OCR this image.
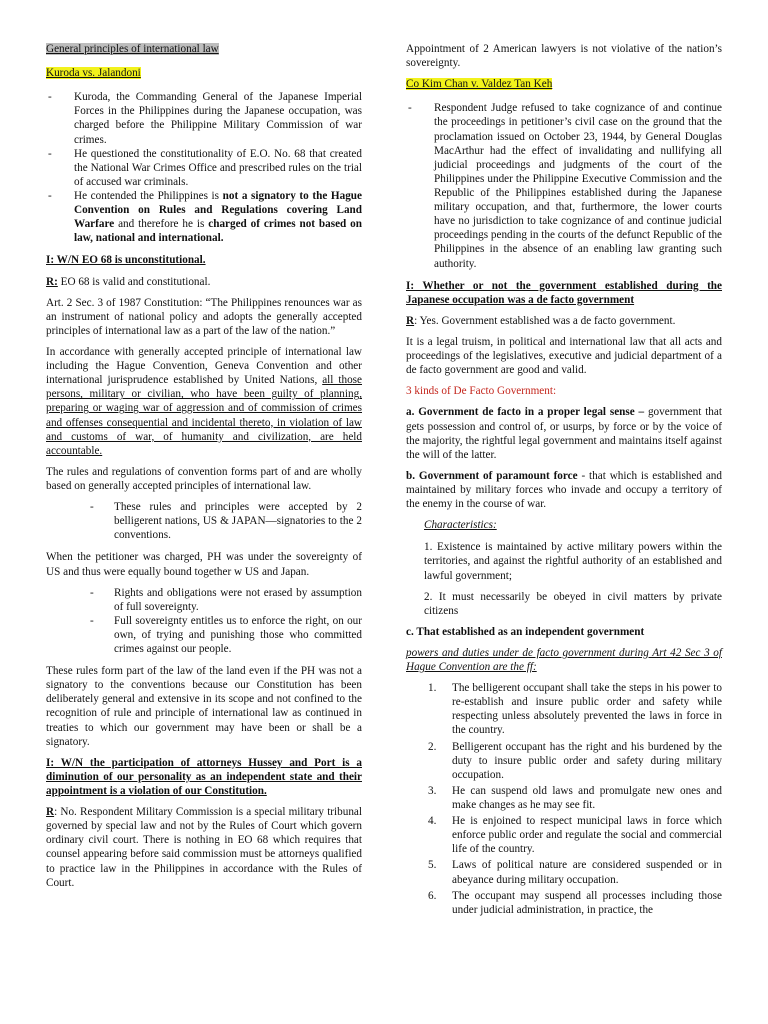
General principles of international law

Kuroda vs. Jalandoni

- Kuroda, the Commanding General of the Japanese Imperial Forces in the Philippines during the Japanese occupation, was charged before the Philippine Military Commission of war crimes.
- He questioned the constitutionality of E.O. No. 68 that created the National War Crimes Office and prescribed rules on the trial of accused war criminals.
- He contended the Philippines is not a signatory to the Hague Convention on Rules and Regulations covering Land Warfare and therefore he is charged of crimes not based on law, national and international.

I: W/N EO 68 is unconstitutional.

R: EO 68 is valid and constitutional.

Art. 2 Sec. 3 of 1987 Constitution: “The Philippines renounces war as an instrument of national policy and adopts the generally accepted principles of international law as a part of the law of the nation.”

In accordance with generally accepted principle of international law including the Hague Convention, Geneva Convention and other international jurisprudence established by United Nations, all those persons, military or civilian, who have been guilty of planning, preparing or waging war of aggression and of commission of crimes and offenses consequential and incidental thereto, in violation of law and customs of war, of humanity and civilization, are held accountable.

The rules and regulations of convention forms part of and are wholly based on generally accepted principles of international law.

- These rules and principles were accepted by 2 belligerent nations, US & JAPAN—signatories to the 2 conventions.

When the petitioner was charged, PH was under the sovereignty of US and thus were equally bound together w US and Japan.

- Rights and obligations were not erased by assumption of full sovereignty.
- Full sovereignty entitles us to enforce the right, on our own, of trying and punishing those who committed crimes against our people.

These rules form part of the law of the land even if the PH was not a signatory to the conventions because our Constitution has been deliberately general and extensive in its scope and not confined to the recognition of rule and principle of international law as continued in treaties to which our government may have been or shall be a signatory.

I: W/N the participation of attorneys Hussey and Port is a diminution of our personality as an independent state and their appointment is a violation of our Constitution.

R: No. Respondent Military Commission is a special military tribunal governed by special law and not by the Rules of Court which govern ordinary civil court. There is nothing in EO 68 which requires that counsel appearing before said commission must be attorneys qualified to practice law in the Philippines in accordance with the Rules of Court.

Appointment of 2 American lawyers is not violative of the nation’s sovereignty.

Co Kim Chan v. Valdez Tan Keh

- Respondent Judge refused to take cognizance of and continue the proceedings in petitioner’s civil case on the ground that the proclamation issued on October 23, 1944, by General Douglas MacArthur had the effect of invalidating and nullifying all judicial proceedings and judgments of the court of the Philippines under the Philippine Executive Commission and the Republic of the Philippines established during the Japanese military occupation, and that, furthermore, the lower courts have no jurisdiction to take cognizance of and continue judicial proceedings pending in the courts of the defunct Republic of the Philippines in the absence of an enabling law granting such authority.

I: Whether or not the government established during the Japanese occupation was a de facto government

R: Yes. Government established was a de facto government.

It is a legal truism, in political and international law that all acts and proceedings of the legislatives, executive and judicial department of a de facto government are good and valid.

3 kinds of De Facto Government:

a. Government de facto in a proper legal sense – government that gets possession and control of, or usurps, by force or by the voice of the majority, the rightful legal government and maintains itself against the will of the latter.

b. Government of paramount force - that which is established and maintained by military forces who invade and occupy a territory of the enemy in the course of war.

Characteristics:

1. Existence is maintained by active military powers within the territories, and against the rightful authority of an established and lawful government;

2. It must necessarily be obeyed in civil matters by private citizens

c. That established as an independent government

powers and duties under de facto government during Art 42 Sec 3 of Hague Convention are the ff:

1. The belligerent occupant shall take the steps in his power to re-establish and insure public order and safety while respecting unless absolutely prevented the laws in force in the country.
2. Belligerent occupant has the right and his burdened by the duty to insure public order and safety during military occupation.
3. He can suspend old laws and promulgate new ones and make changes as he may see fit.
4. He is enjoined to respect municipal laws in force which enforce public order and regulate the social and commercial life of the country.
5. Laws of political nature are considered suspended or in abeyance during military occupation.
6. The occupant may suspend all processes including those under judicial administration, in practice, the
